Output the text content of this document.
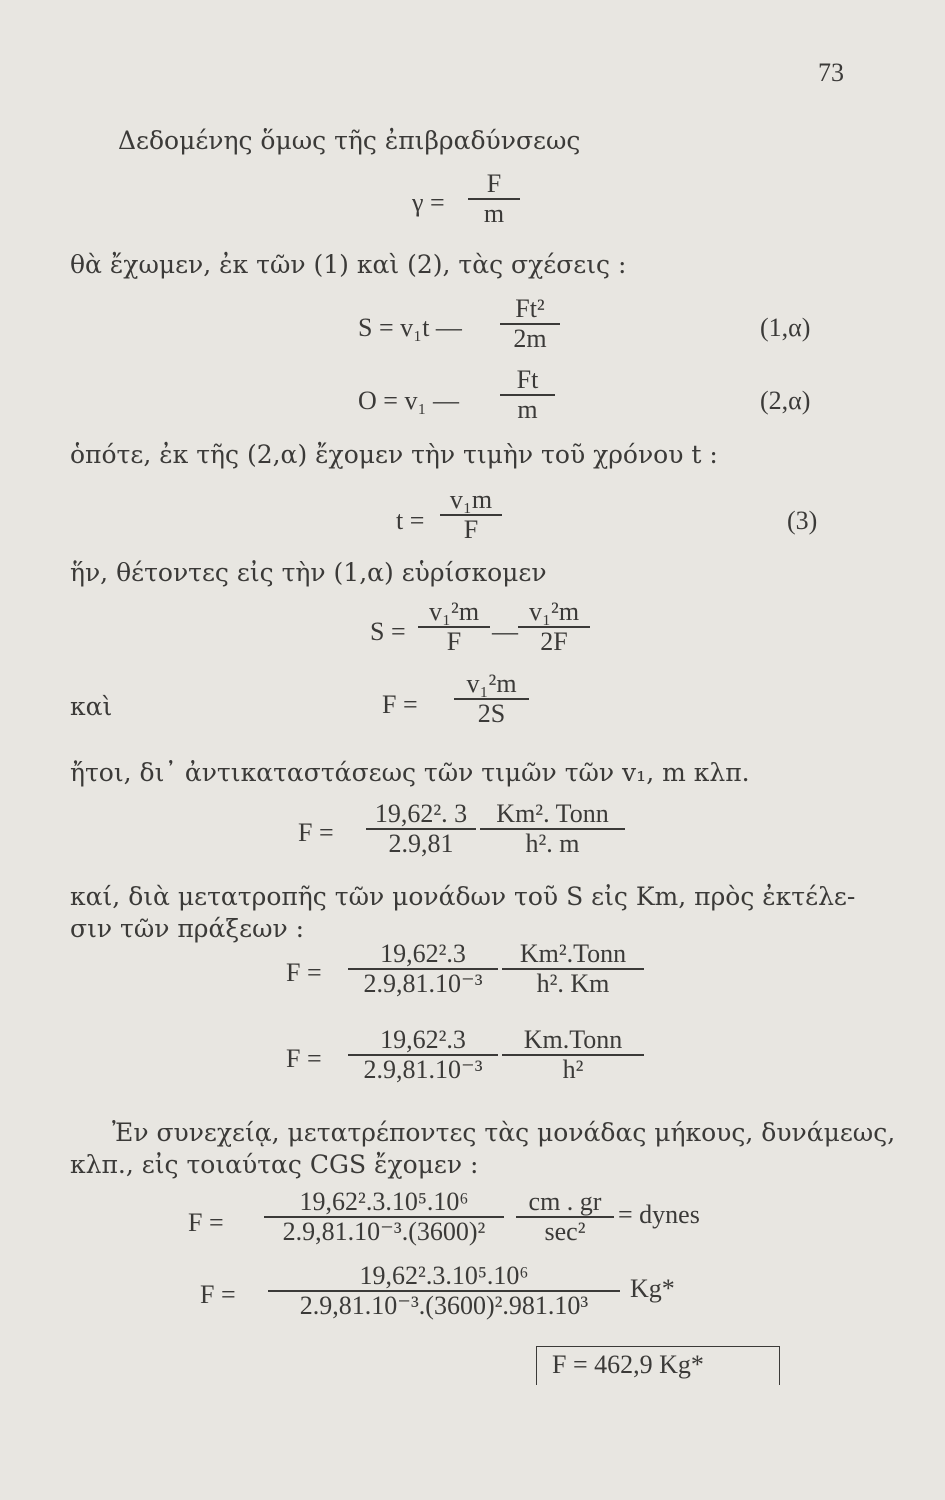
73
Δεδομένης ὅμως τῆς ἐπιβραδύνσεως
γ =
F
m
θὰ ἔχωμεν, ἐκ τῶν (1) καὶ (2), τὰς σχέσεις :
S = v₁t —
Ft²
2m	(1,α)
O = v₁ —
Ft
m	(2,α)
ὁπότε, ἐκ τῆς (2,α) ἔχομεν τὴν τιμὴν τοῦ χρόνου t :
t =
v₁m
F	(3)
ἥν, θέτοντες εἰς τὴν (1,α) εὑρίσκομεν
S =
v₁²m
F —
v₁²m
2F
καὶ	F =
v₁²m
2S
ἤτοι, δι᾽ ἀντικαταστάσεως τῶν τιμῶν τῶν v₁, m κλπ.
F =
19,62². 3
2.9,81
Km². Tonn
h². m
καί, διὰ μετατροπῆς τῶν μονάδων τοῦ S εἰς Km, πρὸς ἐκτέλε-
σιν τῶν πράξεων :
F =
19,62².3
2.9,81.10⁻³
Km².Tonn
h². Km
F =
19,62².3
2.9,81.10⁻³
Km.Tonn
h²
Ἐν συνεχείᾳ, μετατρέποντες τὰς μονάδας μήκους, δυνάμεως,
κλπ., εἰς τοιαύτας CGS ἔχομεν :
F =
19,62².3.10⁵.10⁶
2.9,81.10⁻³.(3600)²
cm . gr
sec²
= dynes
F =
19,62².3.10⁵.10⁶
2.9,81.10⁻³.(3600)².981.10³
Kg*
F = 462,9 Kg*
